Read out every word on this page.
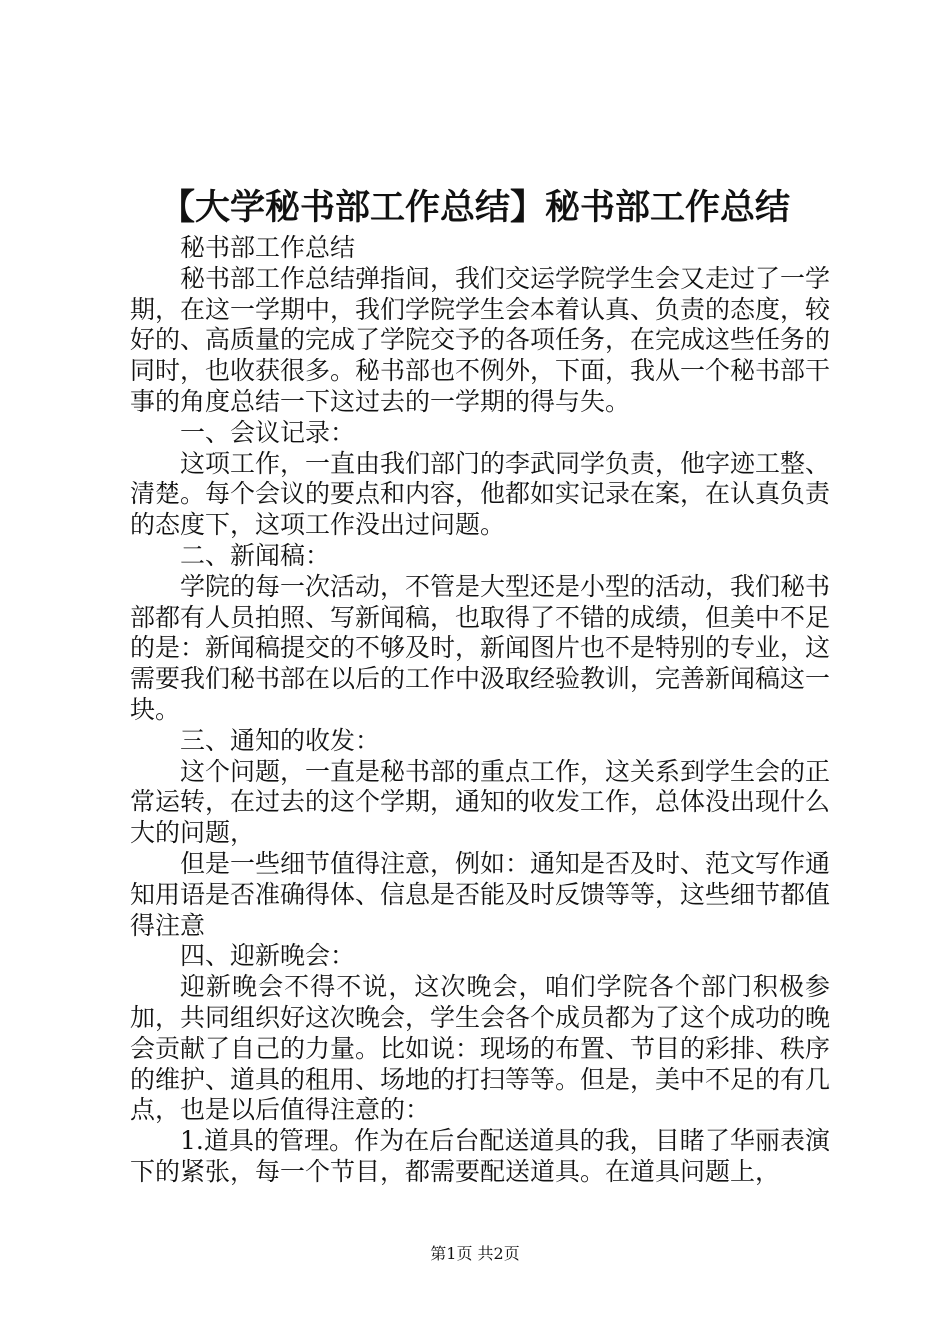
【大学秘书部工作总结】秘书部工作总结

秘书部工作总结

秘书部工作总结弹指间，我们交运学院学生会又走过了一学期，在这一学期中，我们学院学生会本着认真、负责的态度，较好的、高质量的完成了学院交予的各项任务，在完成这些任务的同时，也收获很多。秘书部也不例外，下面，我从一个秘书部干事的角度总结一下这过去的一学期的得与失。

一、会议记录：

这项工作，一直由我们部门的李武同学负责，他字迹工整、清楚。每个会议的要点和内容，他都如实记录在案，在认真负责的态度下，这项工作没出过问题。

二、新闻稿：

学院的每一次活动，不管是大型还是小型的活动，我们秘书部都有人员拍照、写新闻稿，也取得了不错的成绩，但美中不足的是：新闻稿提交的不够及时，新闻图片也不是特别的专业，这需要我们秘书部在以后的工作中汲取经验教训，完善新闻稿这一块。

三、通知的收发：

这个问题，一直是秘书部的重点工作，这关系到学生会的正常运转，在过去的这个学期，通知的收发工作，总体没出现什么大的问题，

但是一些细节值得注意，例如：通知是否及时、范文写作通知用语是否准确得体、信息是否能及时反馈等等，这些细节都值得注意

四、迎新晚会：

迎新晚会不得不说，这次晚会，咱们学院各个部门积极参加，共同组织好这次晚会，学生会各个成员都为了这个成功的晚会贡献了自己的力量。比如说：现场的布置、节目的彩排、秩序的维护、道具的租用、场地的打扫等等。但是，美中不足的有几点，也是以后值得注意的：

1.道具的管理。作为在后台配送道具的我，目睹了华丽表演下的紧张，每一个节目，都需要配送道具。在道具问题上，

第1页 共2页
